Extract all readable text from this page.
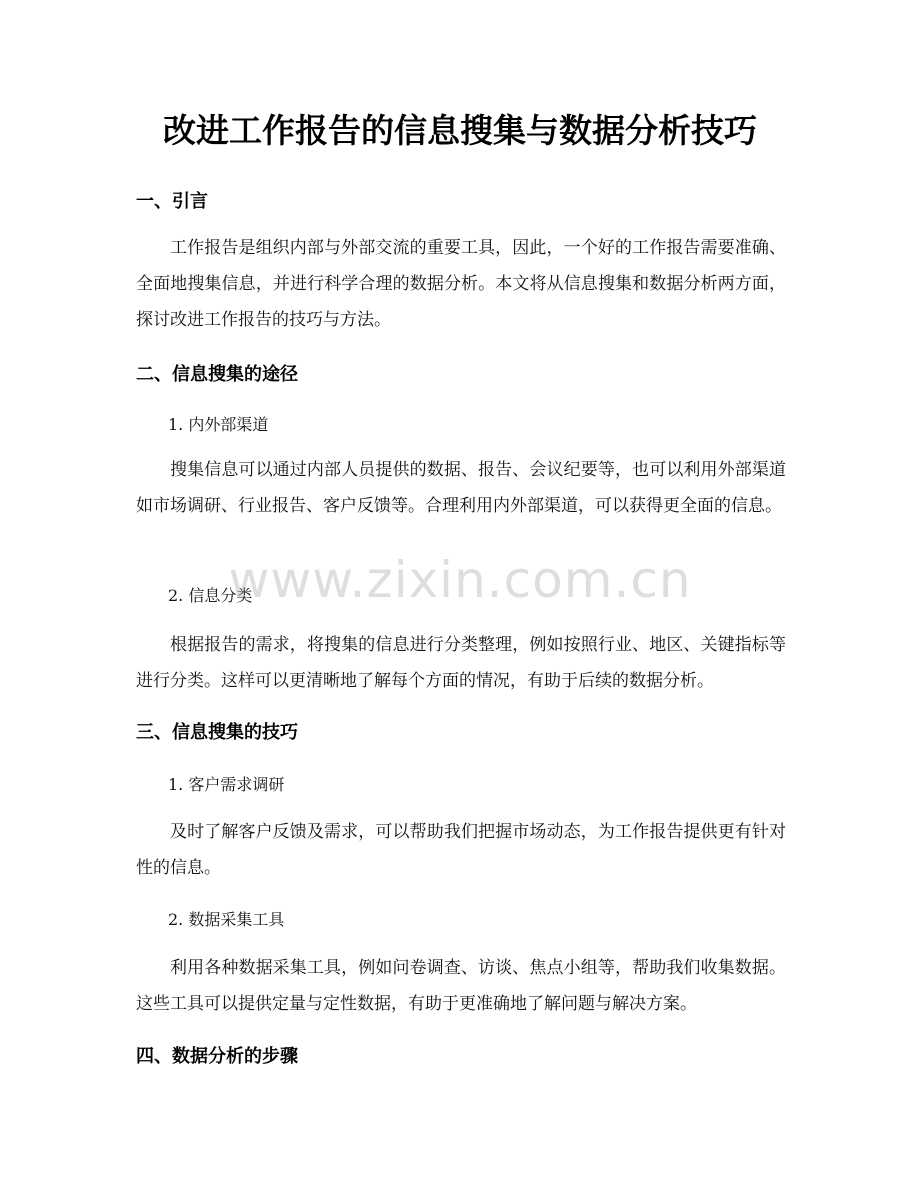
改进工作报告的信息搜集与数据分析技巧
一、引言

工作报告是组织内部与外部交流的重要工具，因此，一个好的工作报告需要准确、全面地搜集信息，并进行科学合理的数据分析。本文将从信息搜集和数据分析两方面，探讨改进工作报告的技巧与方法。

二、信息搜集的途径
1. 内外部渠道

搜集信息可以通过内部人员提供的数据、报告、会议纪要等，也可以利用外部渠道如市场调研、行业报告、客户反馈等。合理利用内外部渠道，可以获得更全面的信息。

2. 信息分类

根据报告的需求，将搜集的信息进行分类整理，例如按照行业、地区、关键指标等进行分类。这样可以更清晰地了解每个方面的情况，有助于后续的数据分析。

三、信息搜集的技巧
1. 客户需求调研

及时了解客户反馈及需求，可以帮助我们把握市场动态，为工作报告提供更有针对性的信息。

2. 数据采集工具

利用各种数据采集工具，例如问卷调查、访谈、焦点小组等，帮助我们收集数据。这些工具可以提供定量与定性数据，有助于更准确地了解问题与解决方案。

四、数据分析的步骤
www.zixin.com.cn
